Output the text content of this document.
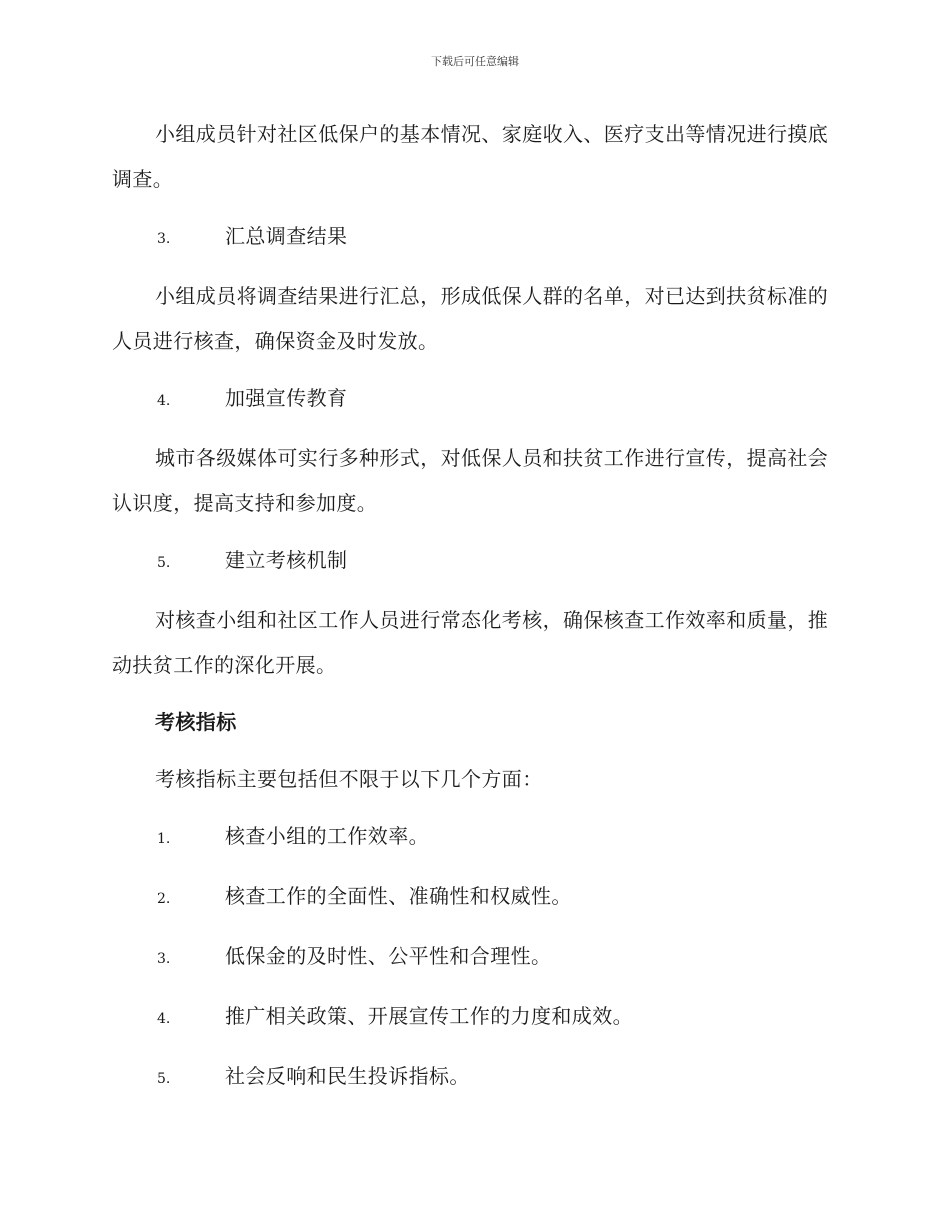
下载后可任意编辑

小组成员针对社区低保户的基本情况、家庭收入、医疗支出等情况进行摸底调查。

3.	汇总调查结果

小组成员将调查结果进行汇总，形成低保人群的名单，对已达到扶贫标准的人员进行核查，确保资金及时发放。

4.	加强宣传教育

城市各级媒体可实行多种形式，对低保人员和扶贫工作进行宣传，提高社会认识度，提高支持和参加度。

5.	建立考核机制

对核查小组和社区工作人员进行常态化考核，确保核查工作效率和质量，推动扶贫工作的深化开展。

考核指标

考核指标主要包括但不限于以下几个方面：

1.	核查小组的工作效率。
2.	核查工作的全面性、准确性和权威性。
3.	低保金的及时性、公平性和合理性。
4.	推广相关政策、开展宣传工作的力度和成效。
5.	社会反响和民生投诉指标。
